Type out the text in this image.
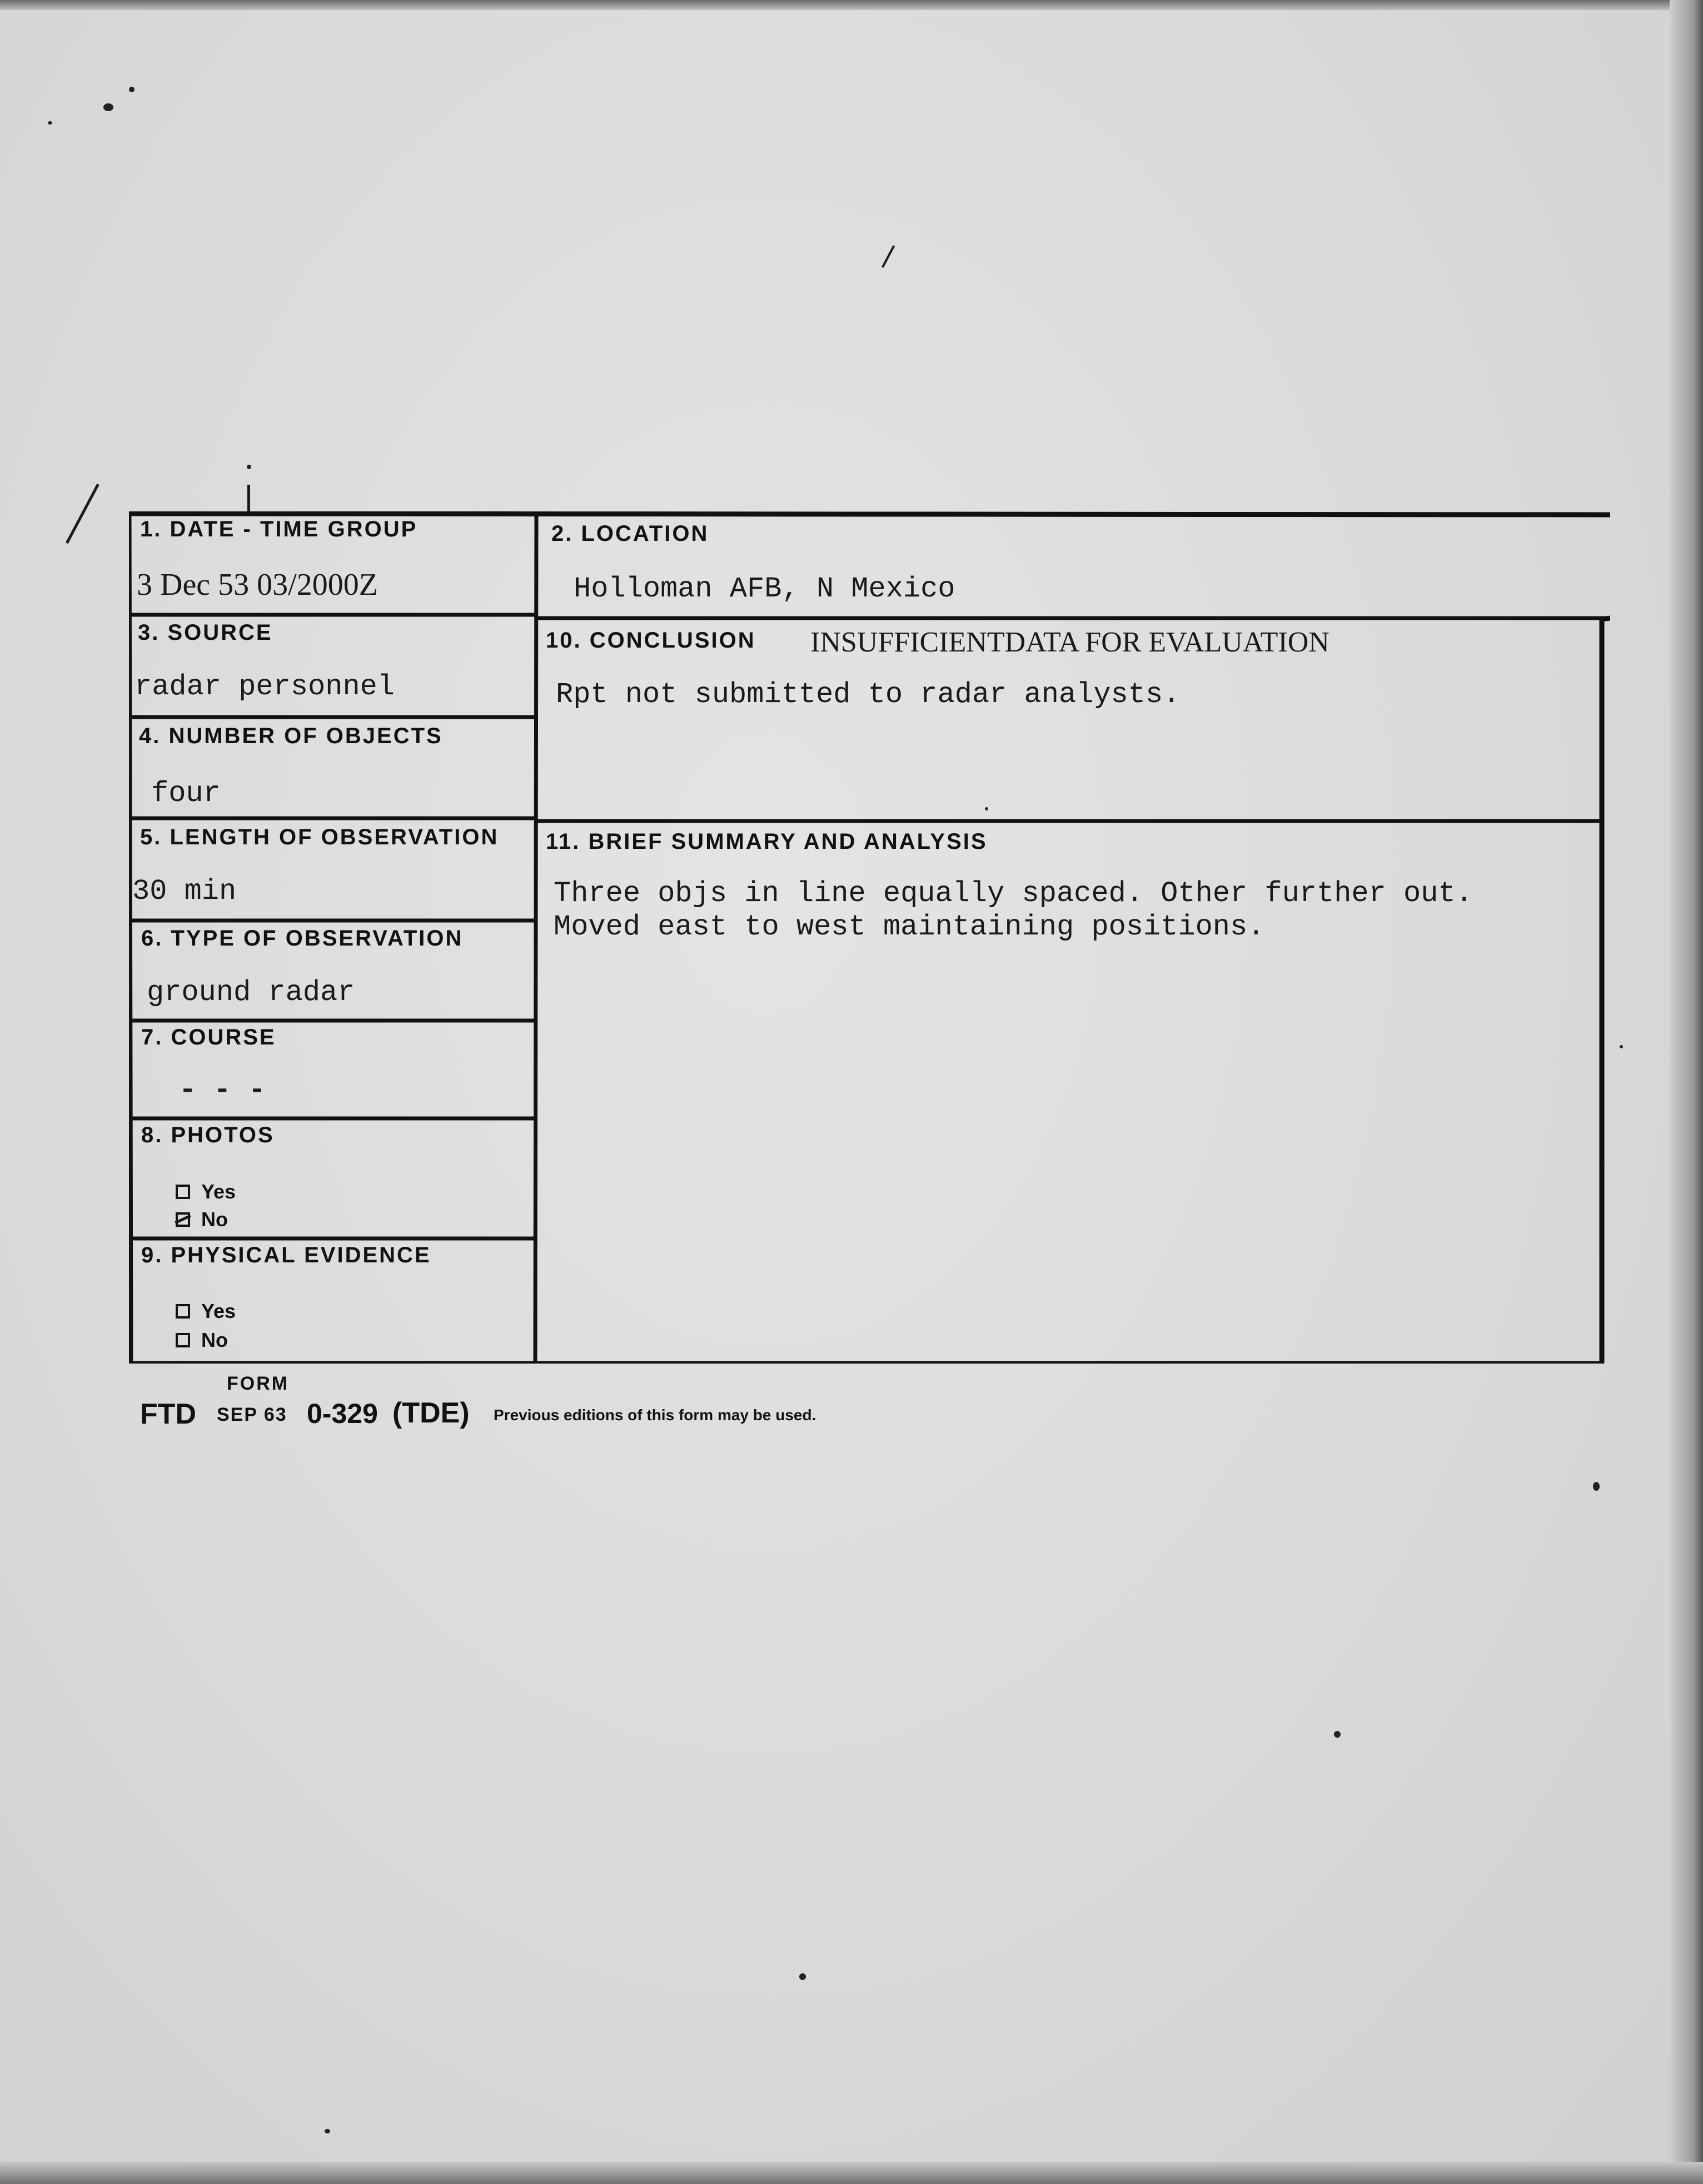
1. DATE - TIME GROUP
3 Dec 53 03/2000Z
2. LOCATION
Holloman AFB, N Mexico
3. SOURCE
radar personnel
4. NUMBER OF OBJECTS
four
5. LENGTH OF OBSERVATION
30 min
6. TYPE OF OBSERVATION
ground radar
7. COURSE
- - -
8. PHOTOS
Yes
No
9. PHYSICAL EVIDENCE
Yes
No
10. CONCLUSION INSUFFICIENTDATA FOR EVALUATION
Rpt not submitted to radar analysts.
11. BRIEF SUMMARY AND ANALYSIS
Three objs in line equally spaced. Other further out.
Moved east to west maintaining positions.
FORM
FTD SEP 63 0-329 (TDE) Previous editions of this form may be used.
